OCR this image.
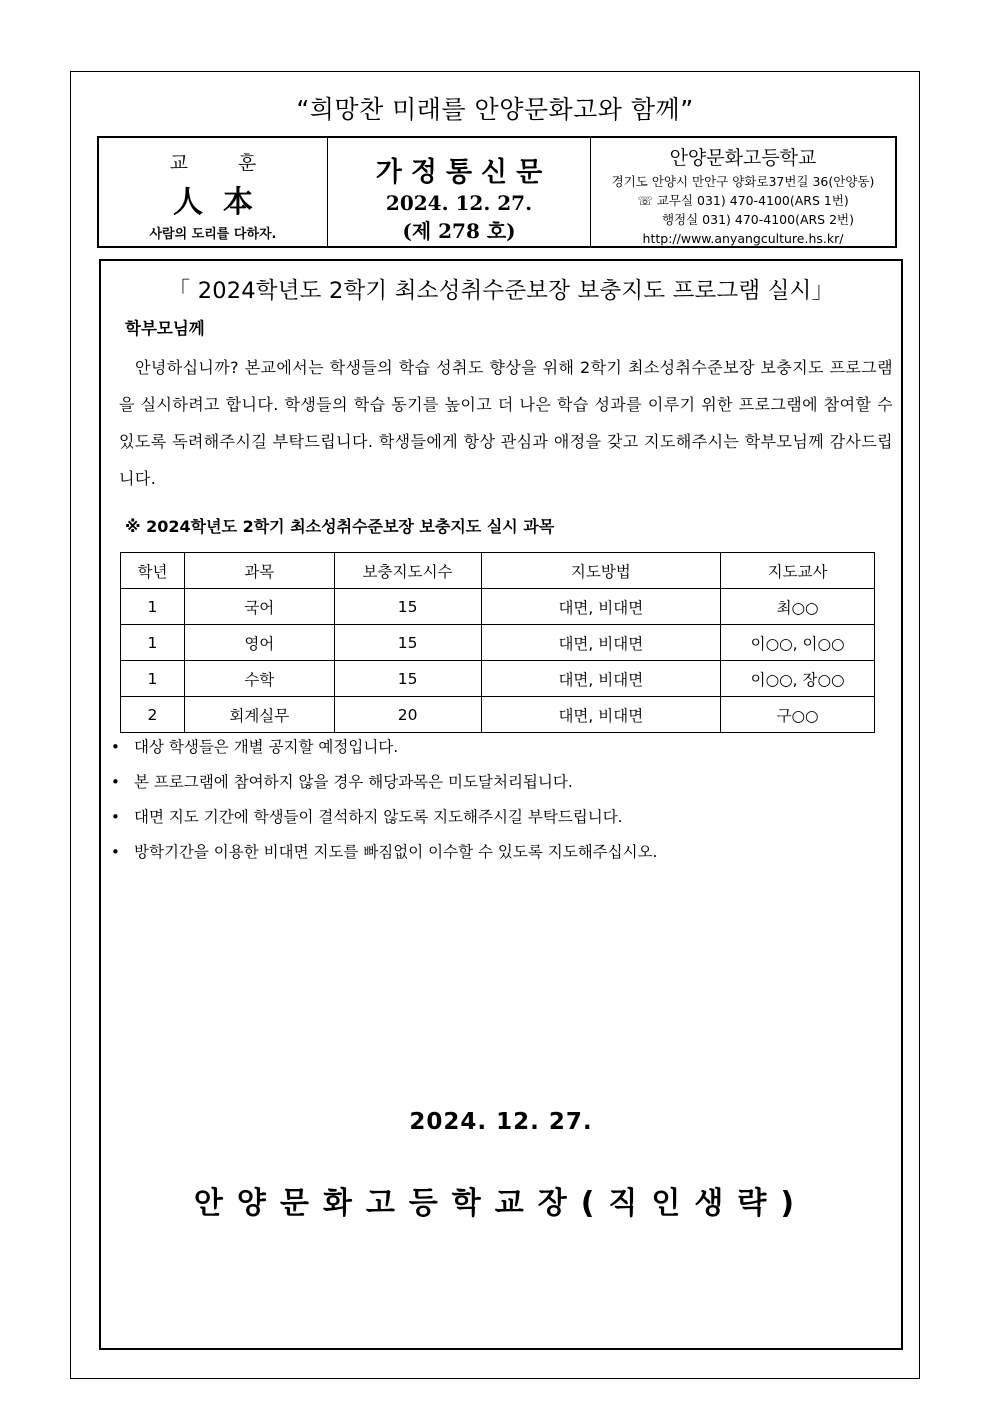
“희망찬 미래를 안양문화고와 함께”
교 훈
人本
사람의 도리를 다하자.
가정통신문
2024. 12. 27.
(제 278 호)
안양문화고등학교
경기도 안양시 만안구 양화로37번길 36(안양동)
☏ 교무실 031) 470-4100(ARS 1번)
행정실 031) 470-4100(ARS 2번)
http://www.anyangculture.hs.kr/
「 2024학년도 2학기 최소성취수준보장 보충지도 프로그램 실시」
학부모님께
안녕하십니까? 본교에서는 학생들의 학습 성취도 향상을 위해 2학기 최소성취수준보장 보충지도 프로그램을 실시하려고 합니다. 학생들의 학습 동기를 높이고 더 나은 학습 성과를 이루기 위한 프로그램에 참여할 수 있도록 독려해주시길 부탁드립니다. 학생들에게 항상 관심과 애정을 갖고 지도해주시는 학부모님께 감사드립니다.
※ 2024학년도 2학기 최소성취수준보장 보충지도 실시 과목
학년	과목	보충지도시수	지도방법	지도교사
1	국어	15	대면, 비대면	최○○
1	영어	15	대면, 비대면	이○○, 이○○
1	수학	15	대면, 비대면	이○○, 장○○
2	회계실무	20	대면, 비대면	구○○
• 대상 학생들은 개별 공지할 예정입니다.
• 본 프로그램에 참여하지 않을 경우 해당과목은 미도달처리됩니다.
• 대면 지도 기간에 학생들이 결석하지 않도록 지도해주시길 부탁드립니다.
• 방학기간을 이용한 비대면 지도를 빠짐없이 이수할 수 있도록 지도해주십시오.
2024. 12. 27.
안양문화고등학교장(직인생략)
